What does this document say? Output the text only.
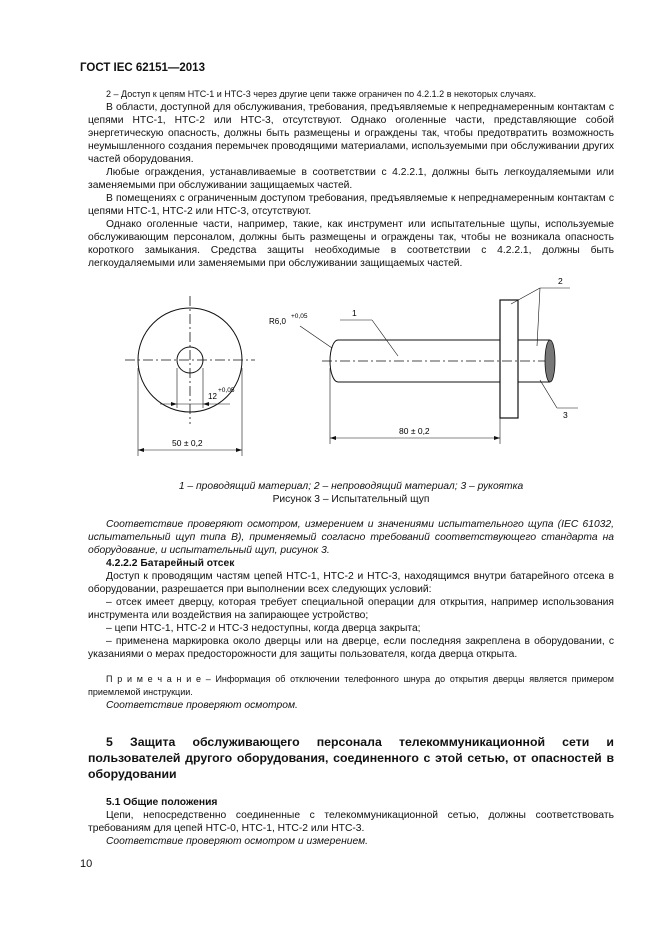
ГОСТ IEC 62151—2013

2 – Доступ к цепям НТС-1 и НТС-3 через другие цепи также ограничен по 4.2.1.2 в некоторых случаях.

В области, доступной для обслуживания, требования, предъявляемые к непреднамеренным контактам с цепями НТС-1, НТС-2 или НТС-3, отсутствуют. Однако оголенные части, представляющие собой энергетическую опасность, должны быть размещены и ограждены так, чтобы предотвратить возможность неумышленного создания перемычек проводящими материалами, используемыми при обслуживании других частей оборудования.

Любые ограждения, устанавливаемые в соответствии с 4.2.2.1, должны быть легкоудаляемыми или заменяемыми при обслуживании защищаемых частей.

В помещениях с ограниченным доступом требования, предъявляемые к непреднамеренным контактам с цепями НТС-1, НТС-2 или НТС-3, отсутствуют.

Однако оголенные части, например, такие, как инструмент или испытательные щупы, используемые обслуживающим персоналом, должны быть размещены и ограждены так, чтобы не возникала опасность короткого замыкания. Средства защиты необходимые в соответствии с 4.2.2.1, должны быть легкоудаляемыми или заменяемыми при обслуживании защищаемых частей.

12
+0,05
50 ± 0,2
R6,0
+0,05	1
2
3
80 ± 0,2
1 – проводящий материал; 2 – непроводящий материал; 3 – рукоятка
Рисунок 3 – Испытательный щуп

Соответствие проверяют осмотром, измерением и значениями испытательного щупа (IEC 61032, испытательный щуп типа B), применяемый согласно требований соответствующего стандарта на оборудование, и испытательный щуп, рисунок 3.

4.2.2.2 Батарейный отсек

Доступ к проводящим частям цепей НТС-1, НТС-2 и НТС-3, находящимся внутри батарейного отсека в оборудовании, разрешается при выполнении всех следующих условий:

– отсек имеет дверцу, которая требует специальной операции для открытия, например использования инструмента или воздействия на запирающее устройство;

– цепи НТС-1, НТС-2 и НТС-3 недоступны, когда дверца закрыта;

– применена маркировка около дверцы или на дверце, если последняя закреплена в оборудовании, с указаниями о мерах предосторожности для защиты пользователя, когда дверца открыта.

П р и м е ч а н и е – Информация об отключении телефонного шнура до открытия дверцы является примером приемлемой инструкции.

Соответствие проверяют осмотром.

5 Защита обслуживающего персонала телекоммуникационной сети и пользователей другого оборудования, соединенного с этой сетью, от опасностей в оборудовании

5.1 Общие положения

Цепи, непосредственно соединенные с телекоммуникационной сетью, должны соответствовать требованиям для цепей НТС-0, НТС-1, НТС-2 или НТС-3.

Соответствие проверяют осмотром и измерением.

10
